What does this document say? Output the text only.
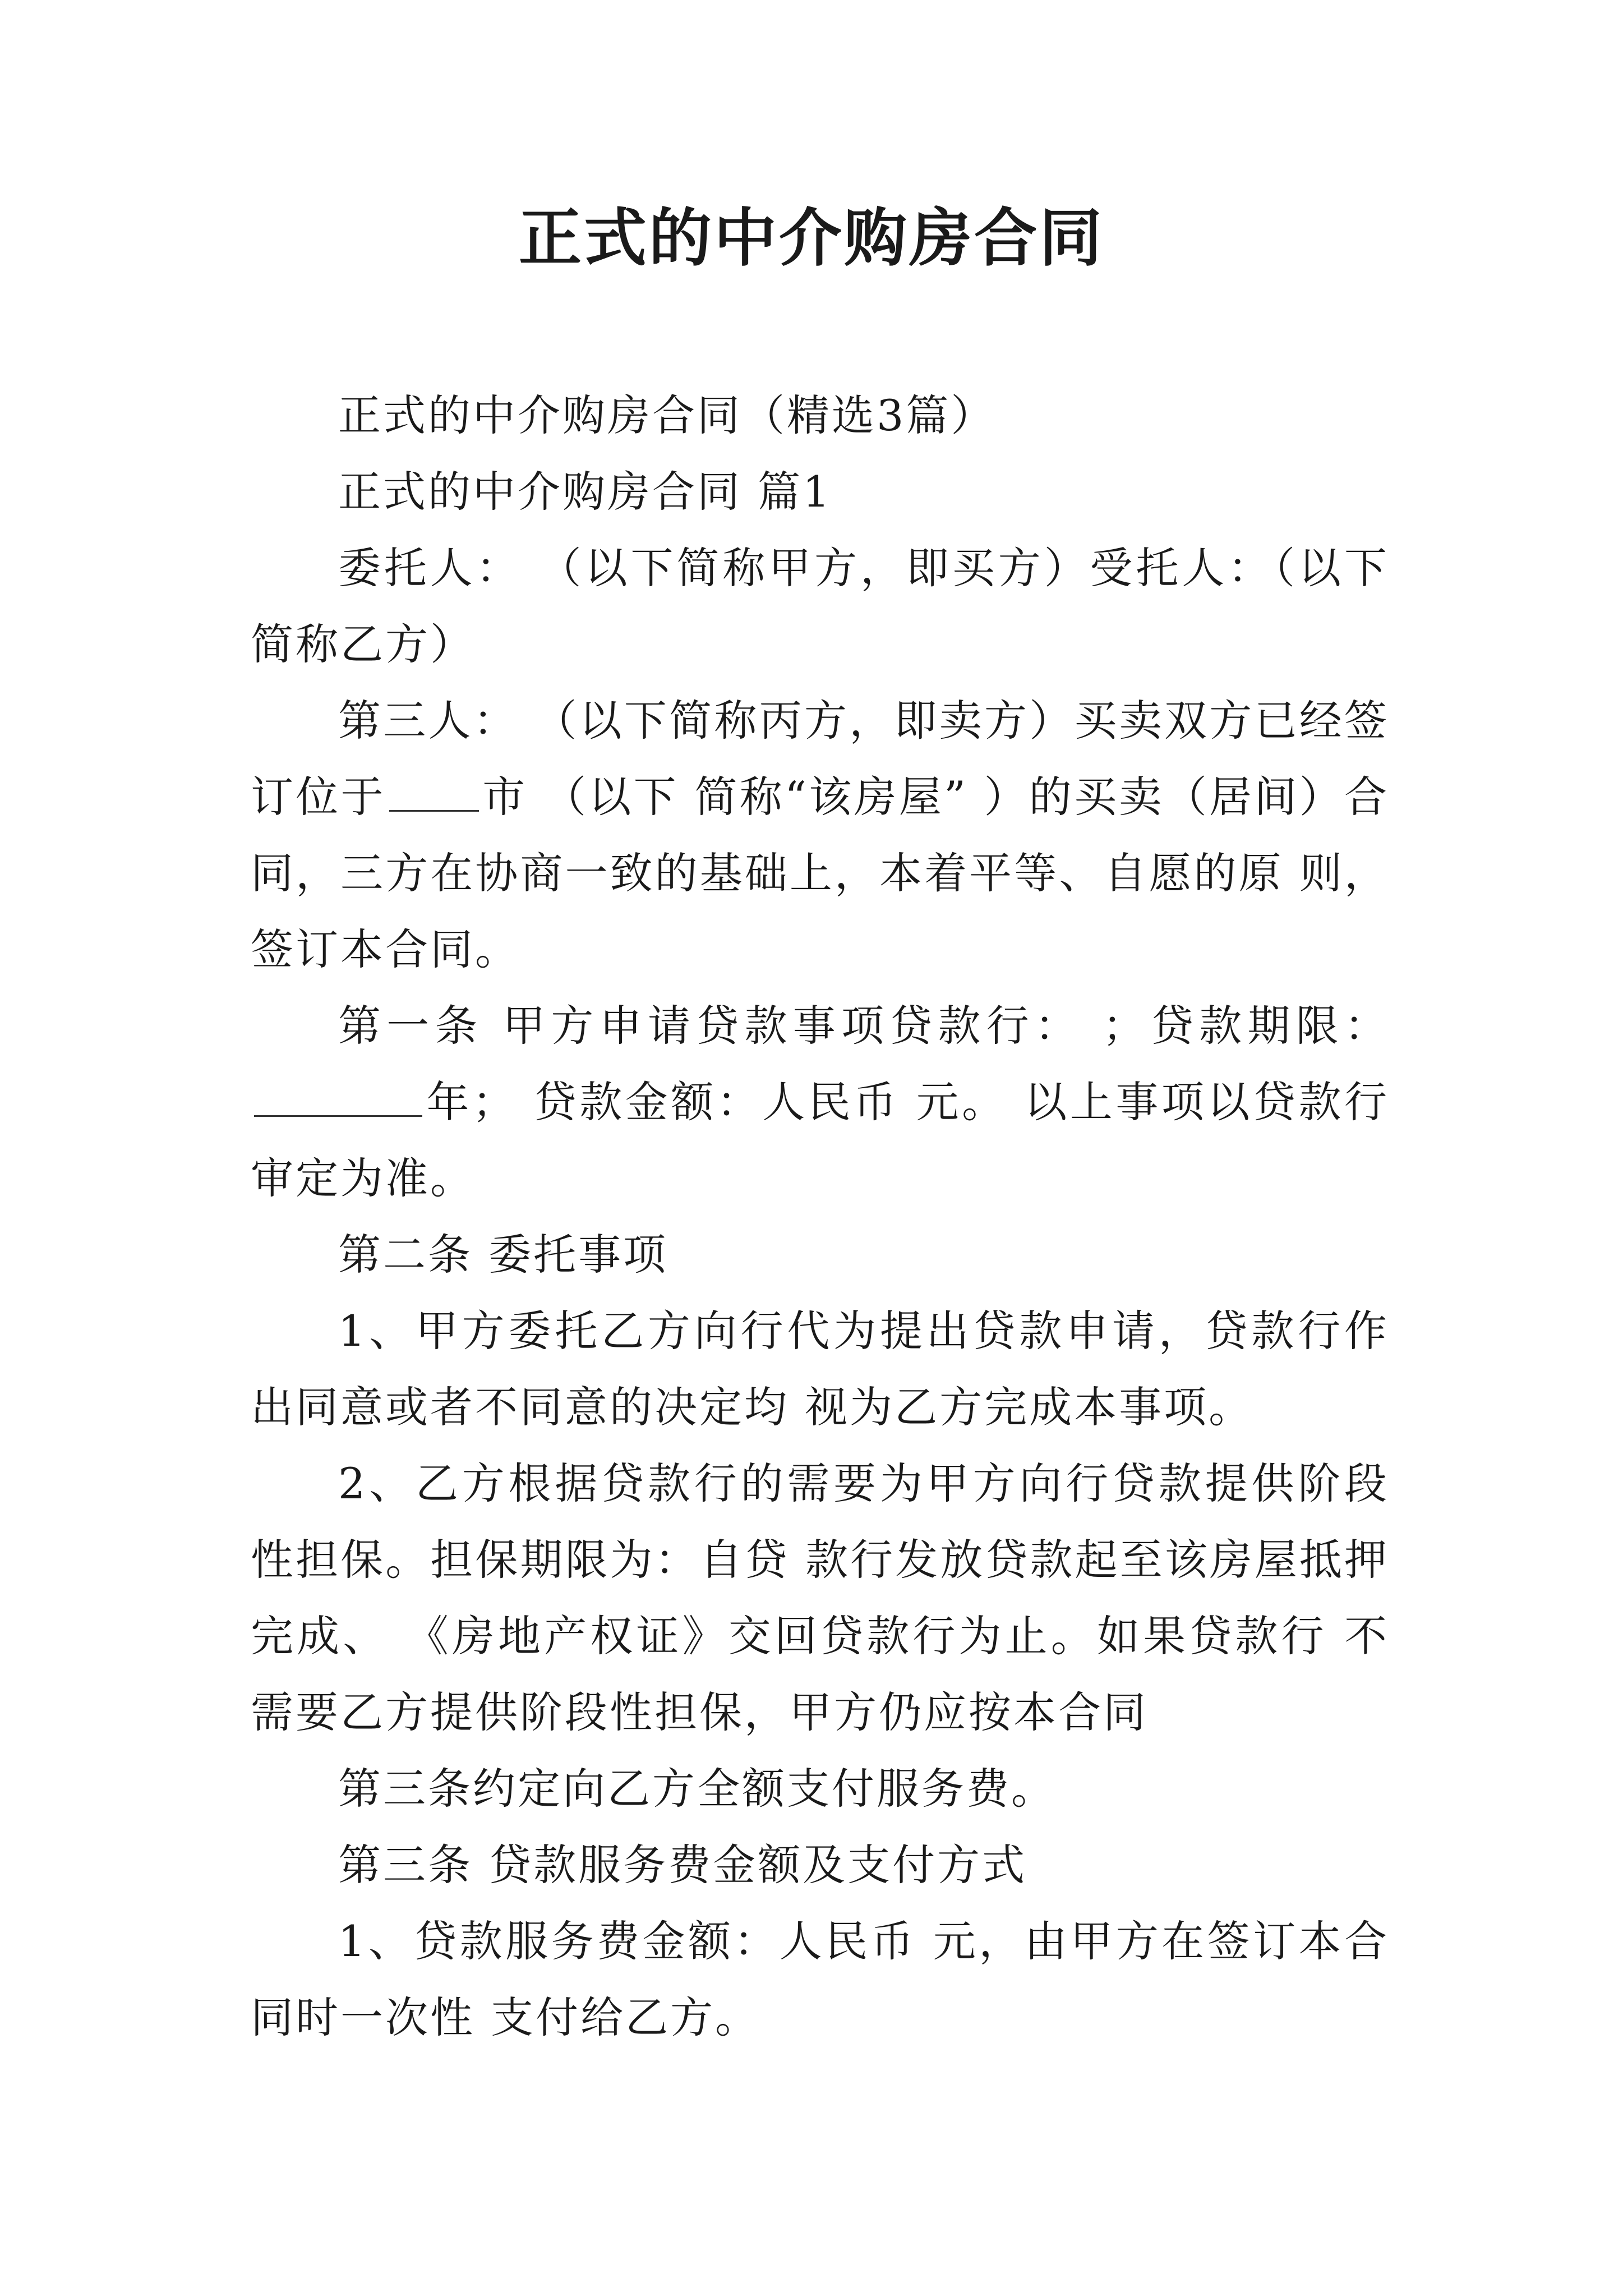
正式的中介购房合同

正式的中介购房合同（精选3篇）

正式的中介购房合同 篇1

委托人： （以下简称甲方，即买方）受托人：（以下简称乙方）

第三人： （以下简称丙方，即卖方）买卖双方已经签订位于 市 （以下 简称“该房屋” ）的买卖（居间）合同，三方在协商一致的基础上，本着平等、自愿的原 则，签订本合同。

第一条 甲方申请贷款事项贷款行： ；贷款期限：年； 贷款金额：人民币 元。 以上事项以贷款行审定为准。

第二条 委托事项

1、甲方委托乙方向行代为提出贷款申请，贷款行作出同意或者不同意的决定均 视为乙方完成本事项。

2、乙方根据贷款行的需要为甲方向行贷款提供阶段性担保。担保期限为：自贷 款行发放贷款起至该房屋抵押完成、 《房地产权证》交回贷款行为止。如果贷款行 不需要乙方提供阶段性担保，甲方仍应按本合同

第三条约定向乙方全额支付服务费。

第三条 贷款服务费金额及支付方式

1、贷款服务费金额：人民币 元，由甲方在签订本合同时一次性 支付给乙方。
